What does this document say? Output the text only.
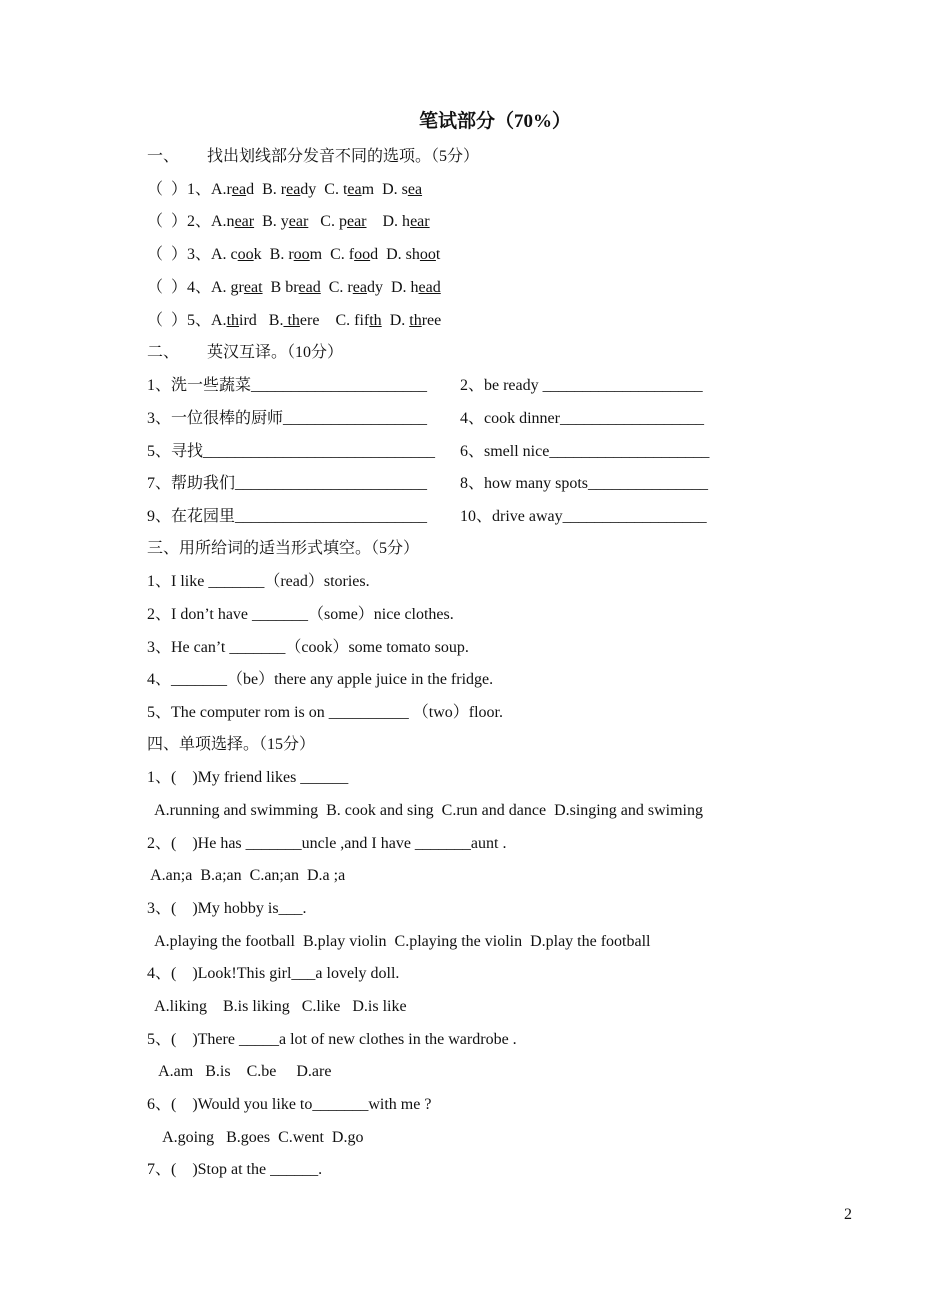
笔试部分（70%）
一、       找出划线部分发音不同的选项。（5分）
（  ）1、A.read  B. ready  C. team  D. sea
（  ）2、A.near  B. year   C. pear    D. hear
（  ）3、A. cook  B. room  C. food  D. shoot
（  ）4、A. great  B bread  C. ready  D. head
（  ）5、A.third   B. there    C. fifth  D. three
二、       英汉互译。（10分）
1、洗一些蔬菜______________________ 2、be ready ____________________
3、一位很棒的厨师__________________ 4、cook dinner__________________
5、寻找_____________________________ 6、smell nice____________________
7、帮助我们________________________ 8、how many spots_______________
9、在花园里________________________ 10、drive away__________________
三、用所给词的适当形式填空。（5分）
1、I like _______（read）stories.
2、I don’t have _______（some）nice clothes.
3、He can’t _______（cook）some tomato soup.
4、_______（be）there any apple juice in the fridge.
5、The computer rom is on __________ （two）floor.
四、单项选择。（15分）
1、(    )My friend likes ______
A.running and swimming  B. cook and sing  C.run and dance  D.singing and swiming
2、(    )He has _______uncle ,and I have _______aunt .
A.an;a  B.a;an  C.an;an  D.a ;a
3、(    )My hobby is___.
A.playing the football  B.play violin  C.playing the violin  D.play the football
4、(    )Look!This girl___a lovely doll.
A.liking    B.is liking   C.like   D.is like
5、(    )There _____a lot of new clothes in the wardrobe .
A.am   B.is    C.be     D.are
6、(    )Would you like to_______with me ?
A.going   B.goes  C.went  D.go
7、(    )Stop at the ______.
2
